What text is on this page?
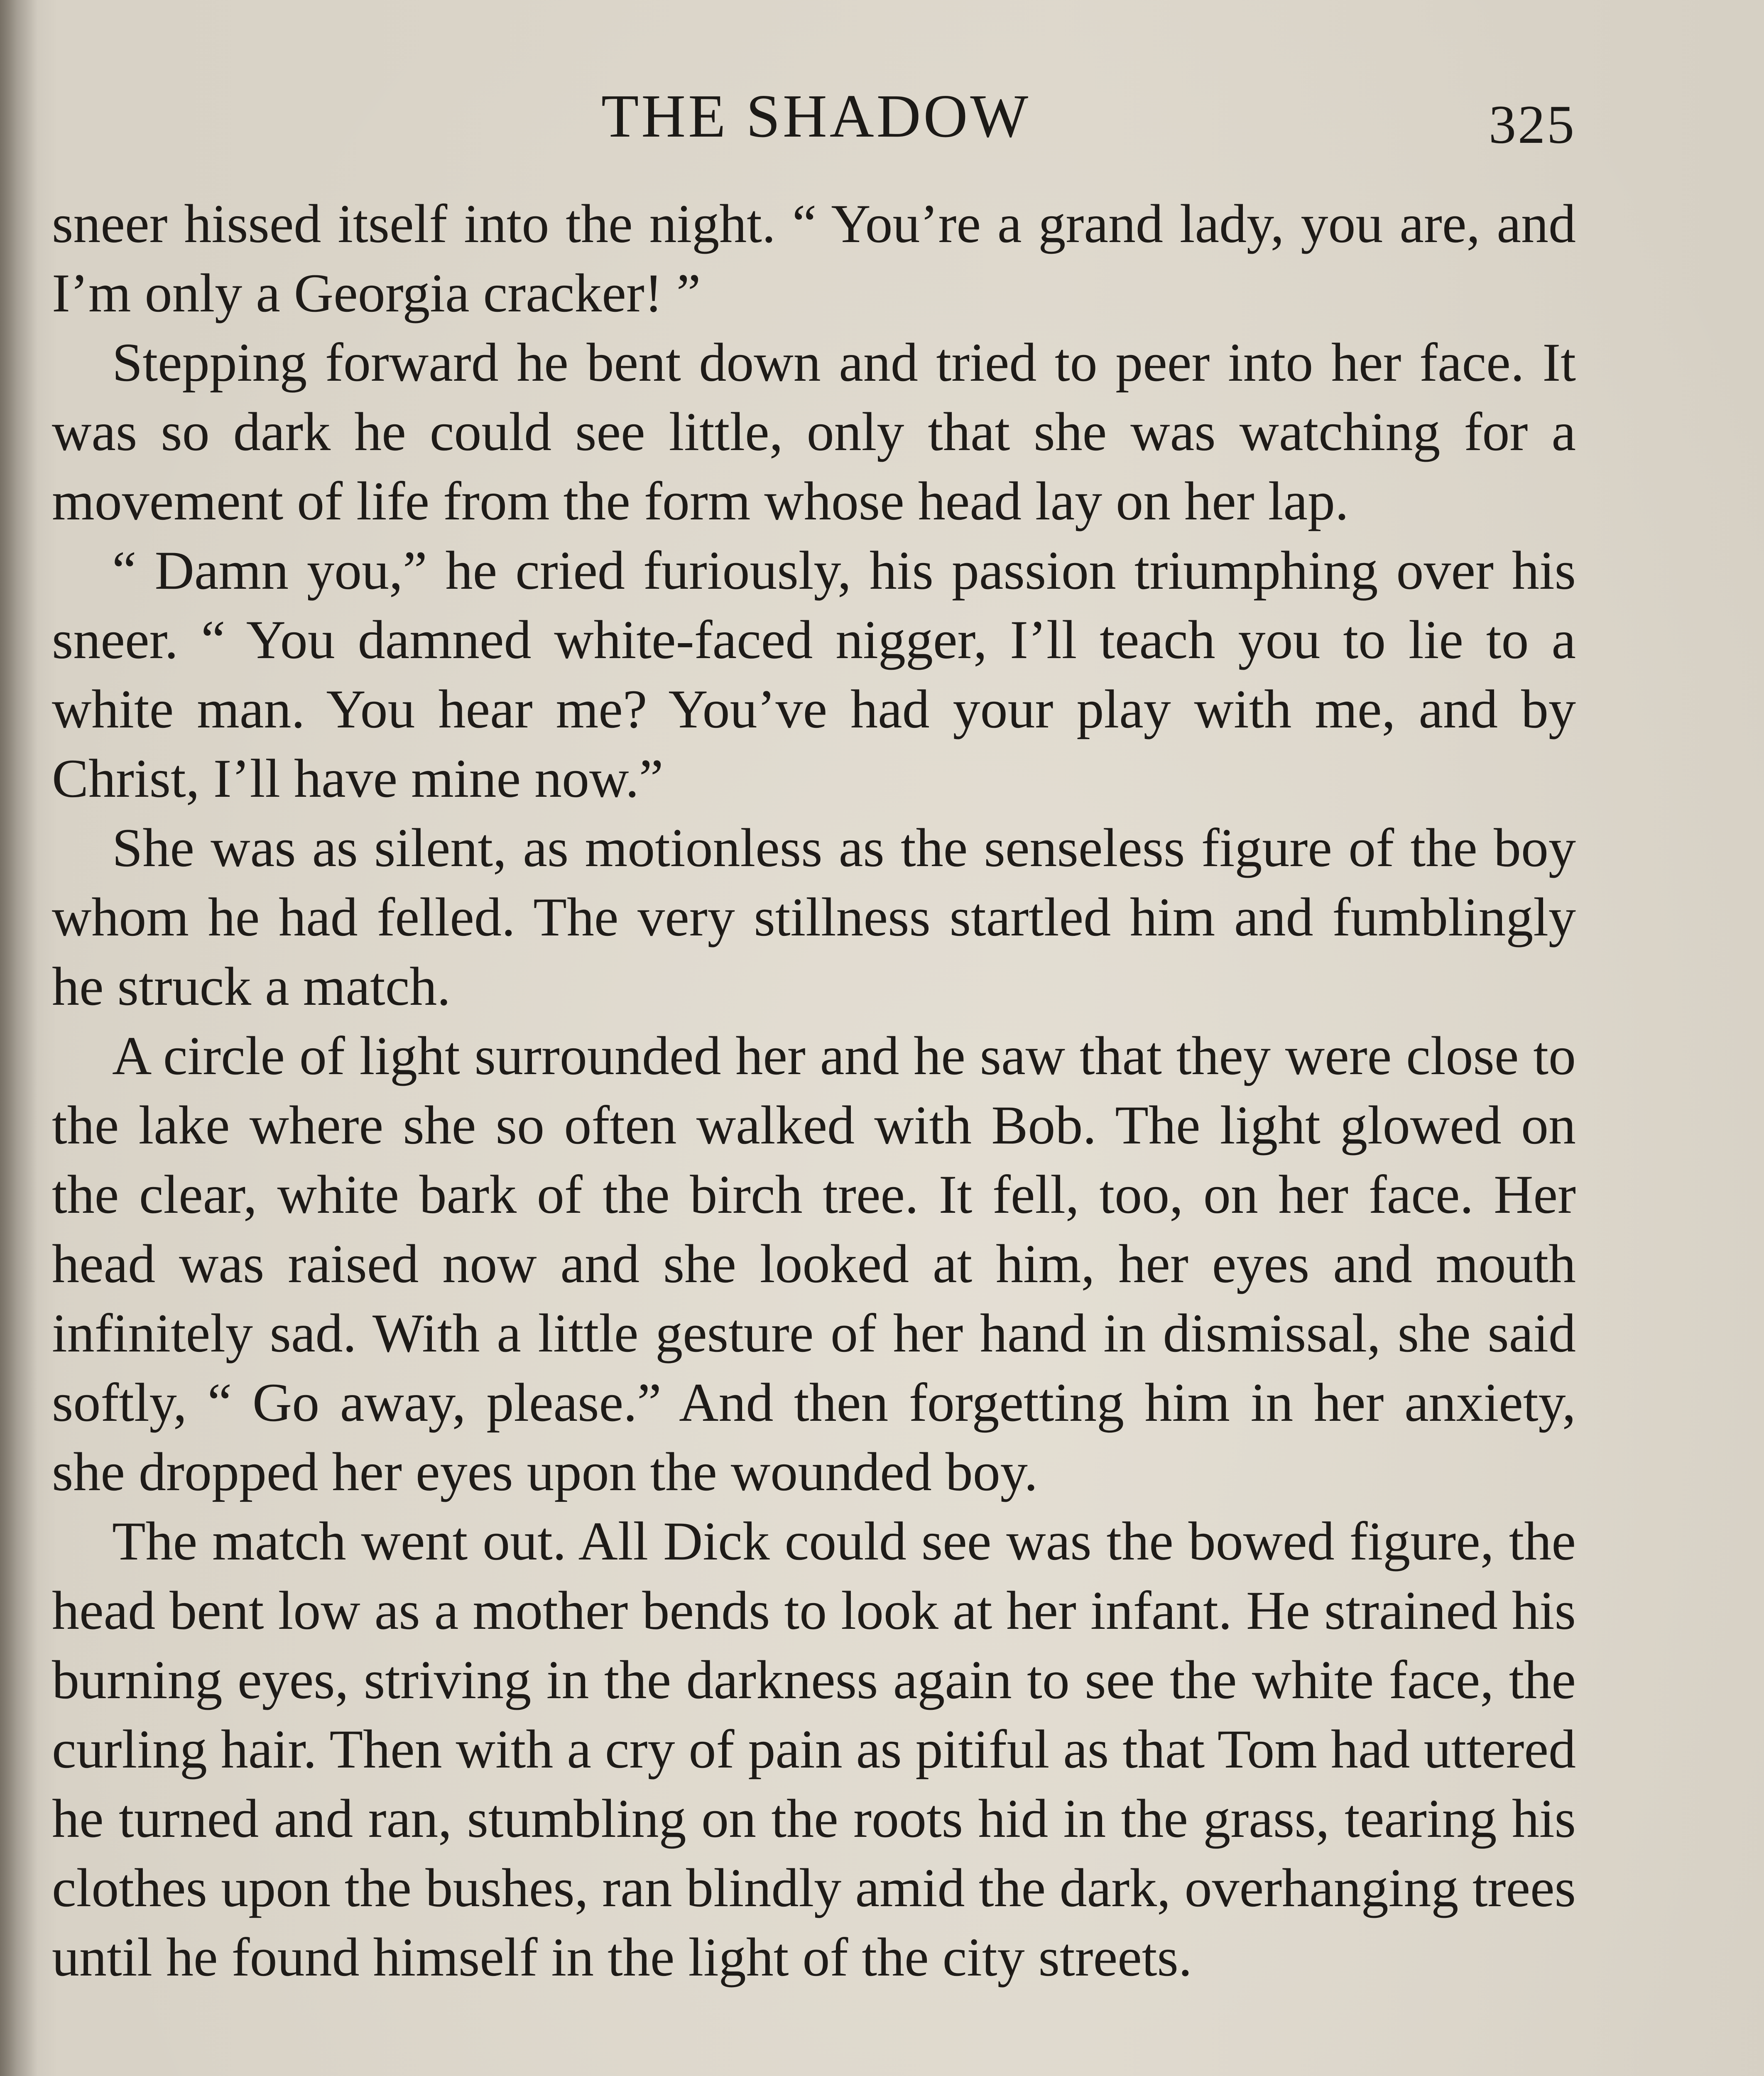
THE SHADOW	325

sneer hissed itself into the night. “ You’re a grand lady, you are, and I’m only a Georgia cracker! ”

Stepping forward he bent down and tried to peer into her face. It was so dark he could see little, only that she was watching for a movement of life from the form whose head lay on her lap.

“ Damn you,” he cried furiously, his passion triumphing over his sneer. “ You damned white-faced nigger, I’ll teach you to lie to a white man. You hear me? You’ve had your play with me, and by Christ, I’ll have mine now.”

She was as silent, as motionless as the senseless figure of the boy whom he had felled. The very stillness startled him and fumblingly he struck a match.

A circle of light surrounded her and he saw that they were close to the lake where she so often walked with Bob. The light glowed on the clear, white bark of the birch tree. It fell, too, on her face. Her head was raised now and she looked at him, her eyes and mouth infinitely sad. With a little gesture of her hand in dismissal, she said softly, “ Go away, please.” And then forgetting him in her anxiety, she dropped her eyes upon the wounded boy.

The match went out. All Dick could see was the bowed figure, the head bent low as a mother bends to look at her infant. He strained his burning eyes, striving in the darkness again to see the white face, the curling hair. Then with a cry of pain as pitiful as that Tom had uttered he turned and ran, stumbling on the roots hid in the grass, tearing his clothes upon the bushes, ran blindly amid the dark, overhanging trees until he found himself in the light of the city streets.
